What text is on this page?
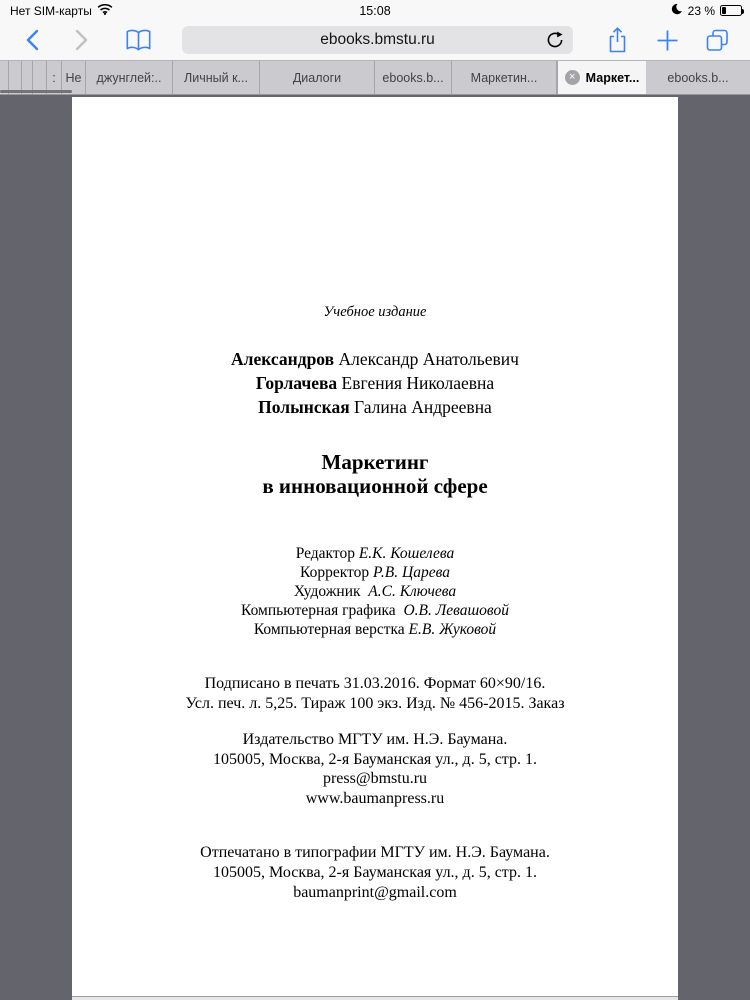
Нет SIM-карты	15:08	23 %
ebooks.bmstu.ru
: Не джунглей:.. Личный к...	Диалоги	ebooks.b... Маркетин...	× Маркет... ebooks.b...
Учебное издание
Александров Александр Анатольевич
Горлачева Евгения Николаевна
Полынская Галина Андреевна
Маркетинг
в инновационной сфере
Редактор Е.К. Кошелева
Корректор Р.В. Царева
Художник А.С. Ключева
Компьютерная графика О.В. Левашовой
Компьютерная верстка Е.В. Жуковой
Подписано в печать 31.03.2016. Формат 60×90/16.
Усл. печ. л. 5,25. Тираж 100 экз. Изд. № 456-2015. Заказ
Издательство МГТУ им. Н.Э. Баумана.
105005, Москва, 2-я Бауманская ул., д. 5, стр. 1.
press@bmstu.ru
www.baumanpress.ru
Отпечатано в типографии МГТУ им. Н.Э. Баумана.
105005, Москва, 2-я Бауманская ул., д. 5, стр. 1.
baumanprint@gmail.com
